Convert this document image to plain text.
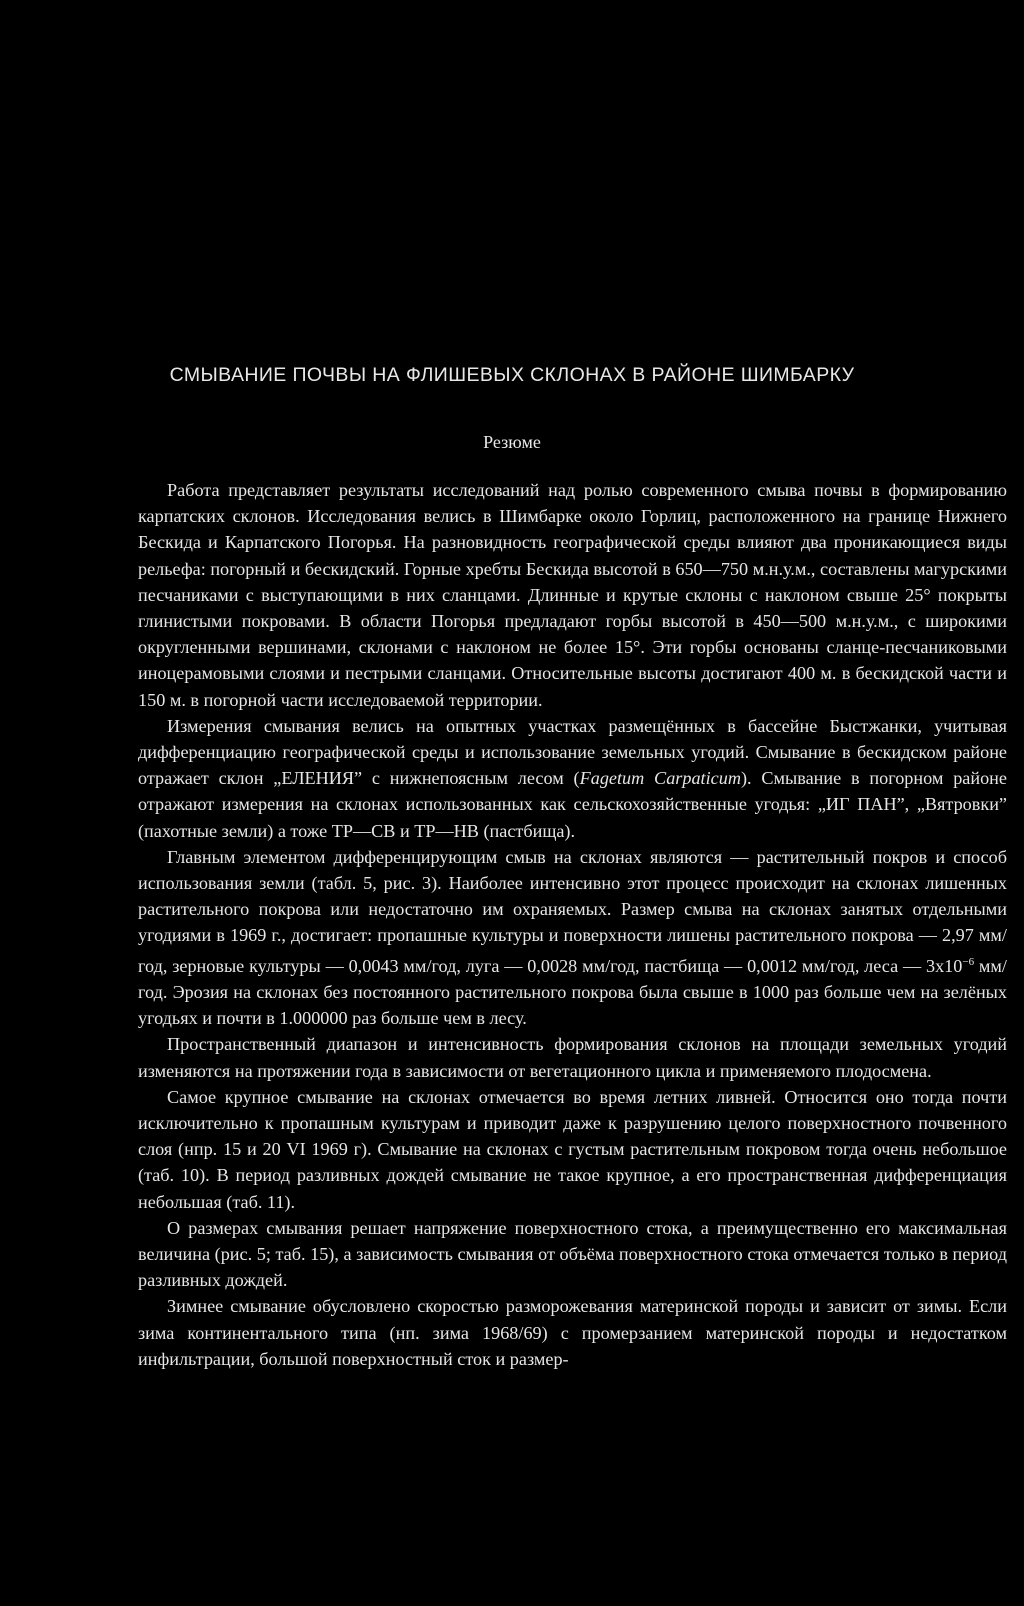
СМЫВАНИЕ ПОЧВЫ НА ФЛИШЕВЫХ СКЛОНАХ В РАЙОНЕ ШИМБАРКУ
Резюме

Работа представляет результаты исследований над ролью современного смыва почвы в формированию карпатских склонов. Исследования велись в Шимбарке около Горлиц, расположенного на границе Нижнего Бескида и Карпатского Погорья. На разновидность географической среды влияют два проникающиеся виды рельефа: погорный и бескидский. Горные хребты Бескида высотой в 650—750 м.н.у.м., составлены магурскими песчаниками с выступающими в них сланцами. Длинные и крутые склоны с наклоном свыше 25° покрыты глинистыми покровами. В области Погорья предладают горбы высотой в 450—500 м.н.у.м., с широкими округленными вершинами, склонами с наклоном не более 15°. Эти горбы основаны сланце-песчаниковыми иноцерамовыми слоями и пестрыми сланцами. Относительные высоты достигают 400 м. в бескидской части и 150 м. в погорной части исследоваемой территории.

Измерения смывания велись на опытных участках размещённых в бассейне Быстжанки, учитывая дифференциацию географической среды и использование земельных угодий. Смывание в бескидском районе отражает склон „ЕЛЕНИЯ” с нижнепоясным лесом (Fagetum Carpaticum). Смывание в погорном районе отражают измерения на склонах использованных как сельскохозяйственные угодья: „ИГ ПАН”, „Вятровки” (пахотные земли) а тоже ТР—СВ и ТР—НВ (пастбища).

Главным элементом дифференцирующим смыв на склонах являются — растительный покров и способ использования земли (табл. 5, рис. 3). Наиболее интенсивно этот процесс происходит на склонах лишенных растительного покрова или недостаточно им охраняемых. Размер смыва на склонах занятых отдельными угодиями в 1969 г., достигает: пропашные культуры и поверхности лишены растительного покрова — 2,97 мм/год, зерновые культуры — 0,0043 мм/год, луга — 0,0028 мм/год, пастбища — 0,0012 мм/год, леса — $3x10^{-6}$ мм/год. Эрозия на склонах без постоянного растительного покрова была свыше в 1000 раз больше чем на зелёных угодьях и почти в 1.000000 раз больше чем в лесу.

Пространственный диапазон и интенсивность формирования склонов на площади земельных угодий изменяются на протяжении года в зависимости от вегетационного цикла и применяемого плодосмена.

Самое крупное смывание на склонах отмечается во время летних ливней. Относится оно тогда почти исключительно к пропашным культурам и приводит даже к разрушению целого поверхностного почвенного слоя (нпр. 15 и 20 VI 1969 г). Смывание на склонах с густым растительным покровом тогда очень небольшое (таб. 10). В период разливных дождей смывание не такое крупное, а его пространственная дифференциация небольшая (таб. 11).

О размерах смывания решает напряжение поверхностного стока, а преимущественно его максимальная величина (рис. 5; таб. 15), а зависимость смывания от объёма поверхностного стока отмечается только в период разливных дождей.

Зимнее смывание обусловлено скоростью разморожевания материнской породы и зависит от зимы. Если зима континентального типа (нп. зима 1968/69) с промерзанием материнской породы и недостатком инфильтрации, большой поверхностный сток и размер-
